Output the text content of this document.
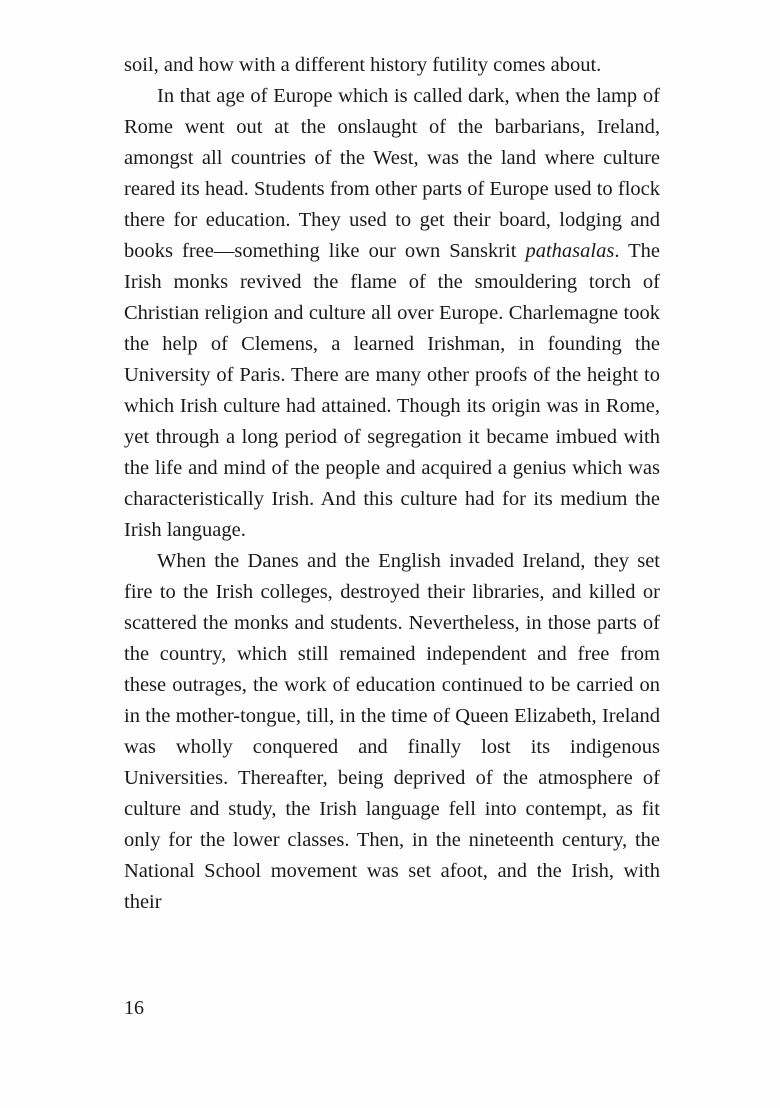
soil, and how with a different history futility comes about.

In that age of Europe which is called dark, when the lamp of Rome went out at the onslaught of the barbarians, Ireland, amongst all countries of the West, was the land where culture reared its head. Students from other parts of Europe used to flock there for education. They used to get their board, lodging and books free—something like our own Sanskrit pathasalas. The Irish monks revived the flame of the smouldering torch of Christian religion and culture all over Europe. Charlemagne took the help of Clemens, a learned Irishman, in founding the University of Paris. There are many other proofs of the height to which Irish culture had attained. Though its origin was in Rome, yet through a long period of segregation it became imbued with the life and mind of the people and acquired a genius which was characteristically Irish. And this culture had for its medium the Irish language.

When the Danes and the English invaded Ireland, they set fire to the Irish colleges, destroyed their libraries, and killed or scattered the monks and students. Nevertheless, in those parts of the country, which still remained independent and free from these outrages, the work of education continued to be carried on in the mother-tongue, till, in the time of Queen Elizabeth, Ireland was wholly conquered and finally lost its indigenous Universities. Thereafter, being deprived of the atmosphere of culture and study, the Irish language fell into contempt, as fit only for the lower classes. Then, in the nineteenth century, the National School movement was set afoot, and the Irish, with their

16
